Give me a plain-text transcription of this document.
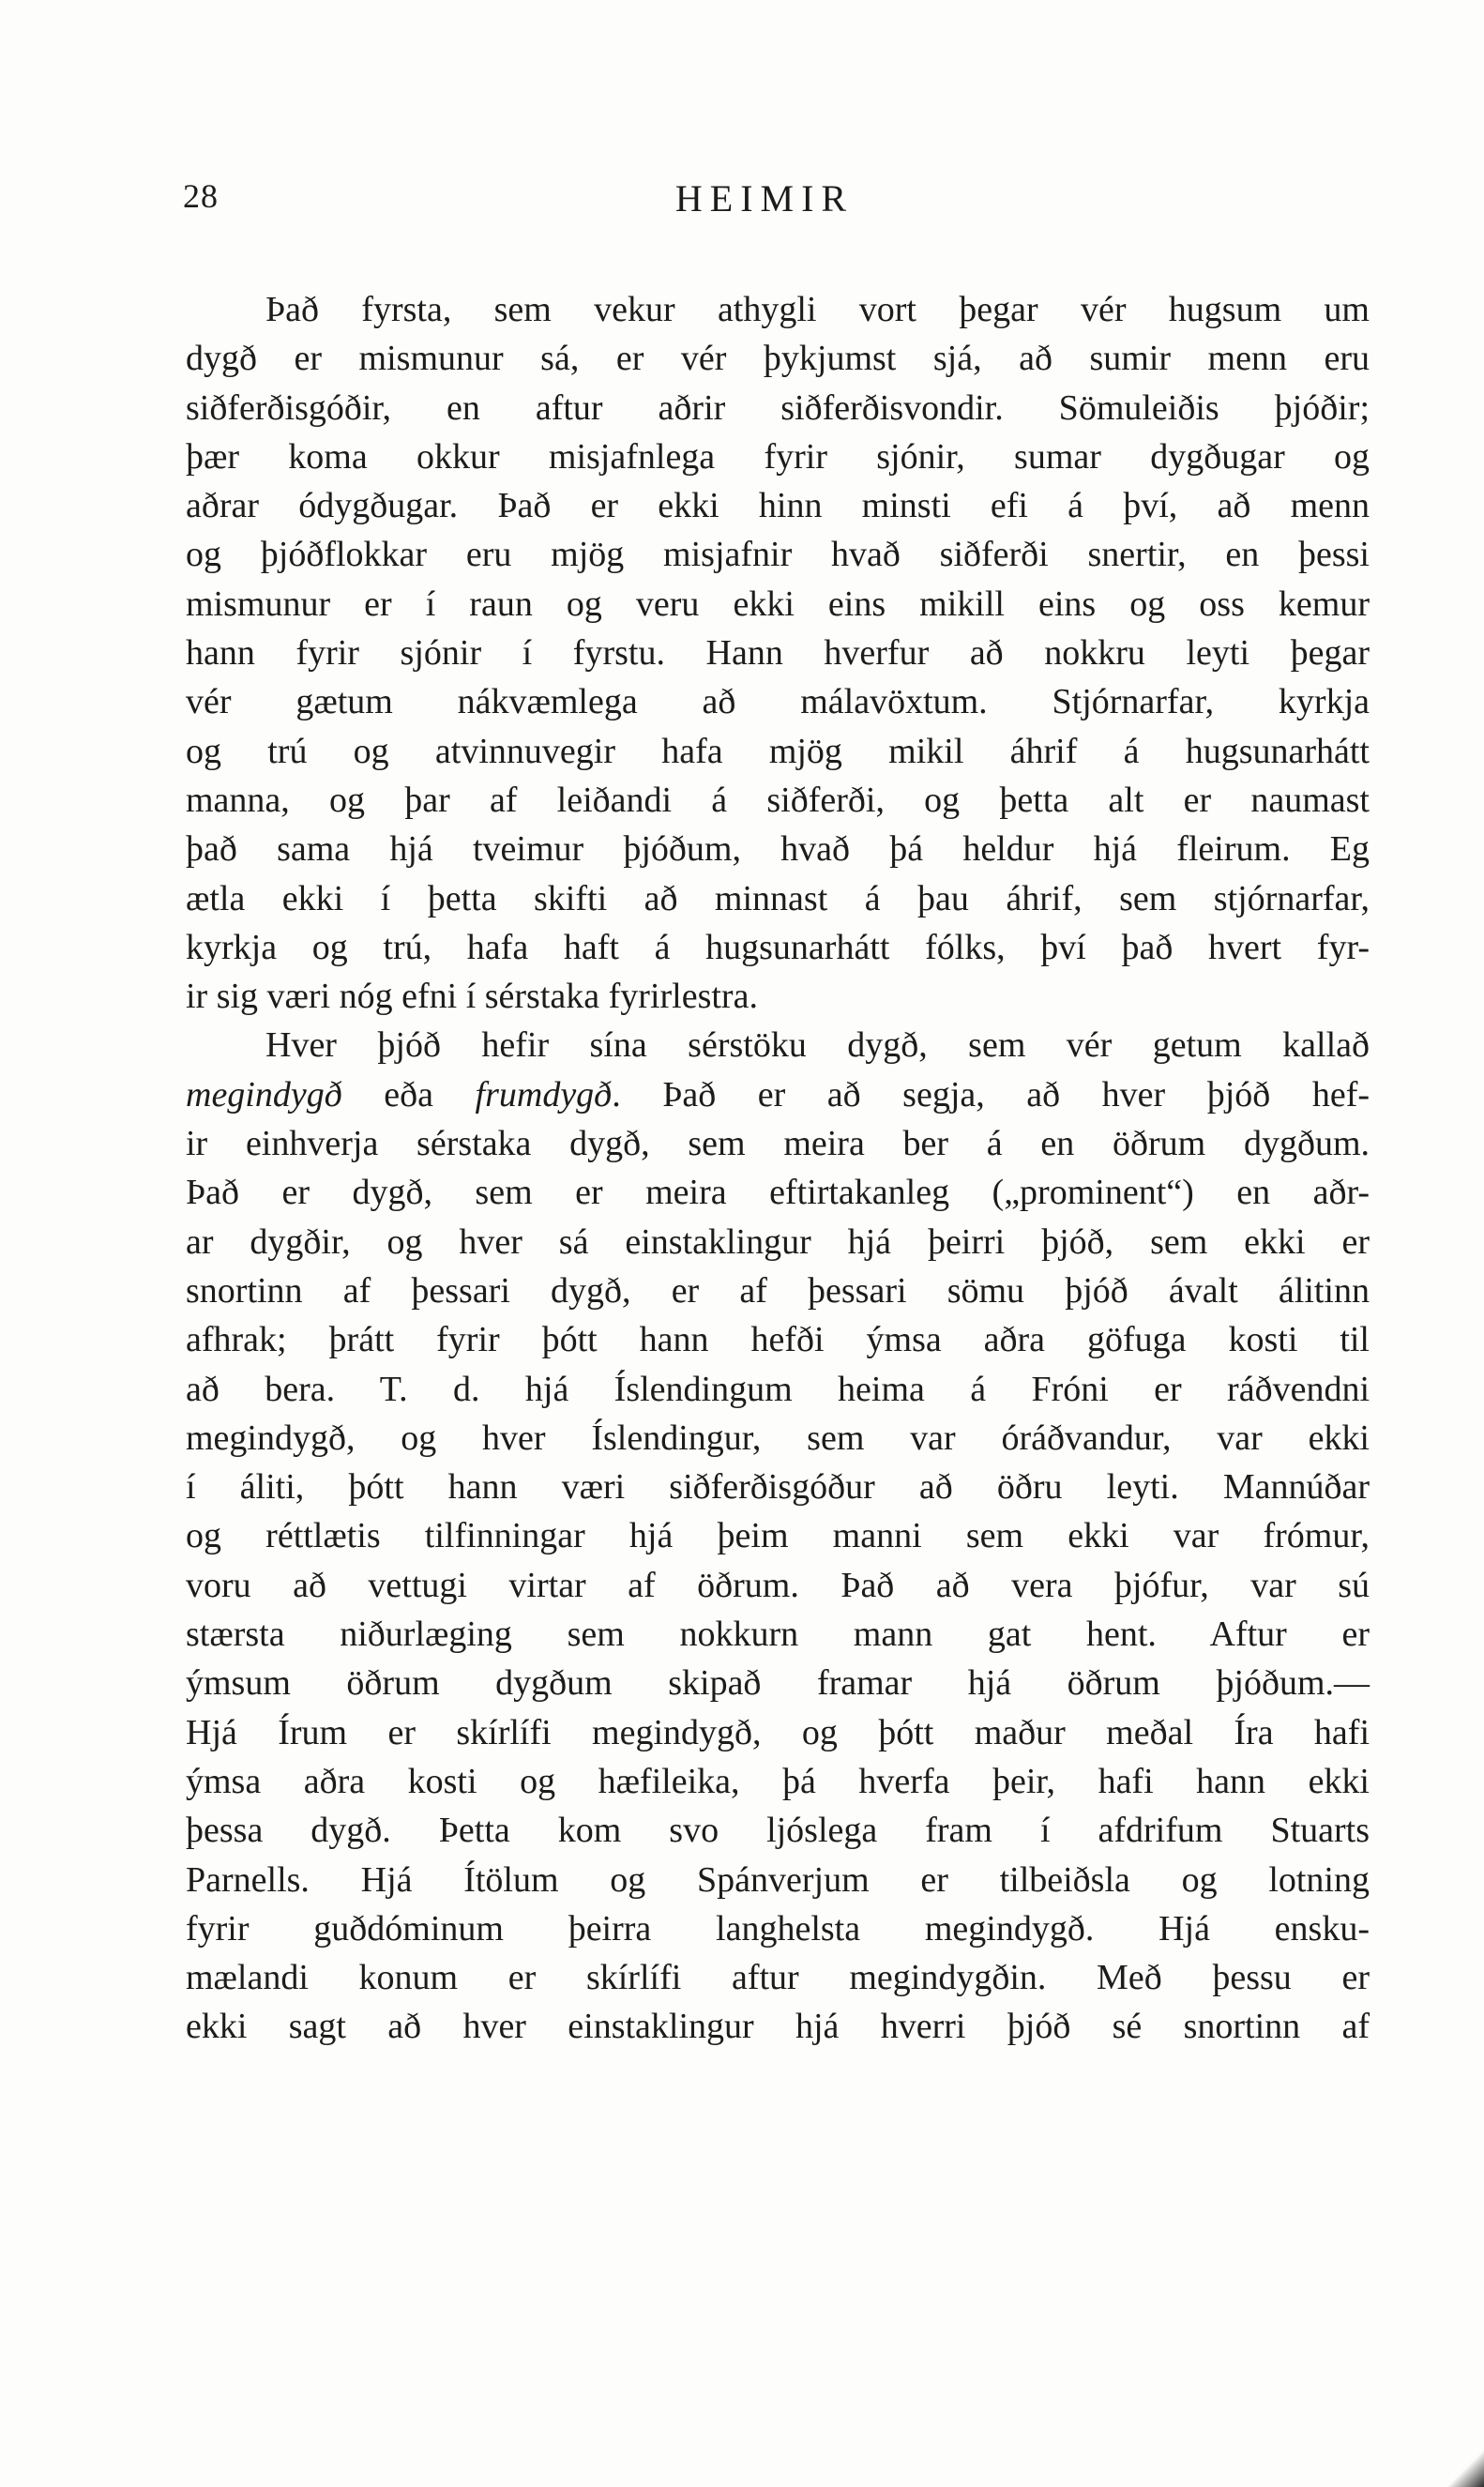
28	HEIMIR
Það fyrsta, sem vekur athygli vort þegar vér hugsum um
dygð er mismunur sá, er vér þykjumst sjá, að sumir menn eru
siðferðisgóðir, en aftur aðrir siðferðisvondir. Sömuleiðis þjóðir;
þær koma okkur misjafnlega fyrir sjónir, sumar dygðugar og
aðrar ódygðugar. Það er ekki hinn minsti efi á því, að menn
og þjóðflokkar eru mjög misjafnir hvað siðferði snertir, en þessi
mismunur er í raun og veru ekki eins mikill eins og oss kemur
hann fyrir sjónir í fyrstu. Hann hverfur að nokkru leyti þegar
vér gætum nákvæmlega að málavöxtum. Stjórnarfar, kyrkja
og trú og atvinnuvegir hafa mjög mikil áhrif á hugsunarhátt
manna, og þar af leiðandi á siðferði, og þetta alt er naumast
það sama hjá tveimur þjóðum, hvað þá heldur hjá fleirum. Eg
ætla ekki í þetta skifti að minnast á þau áhrif, sem stjórnarfar,
kyrkja og trú, hafa haft á hugsunarhátt fólks, því það hvert fyr-
ir sig væri nóg efni í sérstaka fyrirlestra.
Hver þjóð hefir sína sérstöku dygð, sem vér getum kallað
megindygð eða frumdygð. Það er að segja, að hver þjóð hef-
ir einhverja sérstaka dygð, sem meira ber á en öðrum dygðum.
Það er dygð, sem er meira eftirtakanleg („prominent“) en aðr-
ar dygðir, og hver sá einstaklingur hjá þeirri þjóð, sem ekki er
snortinn af þessari dygð, er af þessari sömu þjóð ávalt álitinn
afhrak; þrátt fyrir þótt hann hefði ýmsa aðra göfuga kosti til
að bera. T. d. hjá Íslendingum heima á Fróni er ráðvendni
megindygð, og hver Íslendingur, sem var óráðvandur, var ekki
í áliti, þótt hann væri siðferðisgóður að öðru leyti. Mannúðar
og réttlætis tilfinningar hjá þeim manni sem ekki var frómur,
voru að vettugi virtar af öðrum. Það að vera þjófur, var sú
stærsta niðurlæging sem nokkurn mann gat hent. Aftur er
ýmsum öðrum dygðum skipað framar hjá öðrum þjóðum.—
Hjá Írum er skírlífi megindygð, og þótt maður meðal Íra hafi
ýmsa aðra kosti og hæfileika, þá hverfa þeir, hafi hann ekki
þessa dygð. Þetta kom svo ljóslega fram í afdrifum Stuarts
Parnells. Hjá Ítölum og Spánverjum er tilbeiðsla og lotning
fyrir guðdóminum þeirra langhelsta megindygð. Hjá ensku-
mælandi konum er skírlífi aftur megindygðin. Með þessu er
ekki sagt að hver einstaklingur hjá hverri þjóð sé snortinn af
